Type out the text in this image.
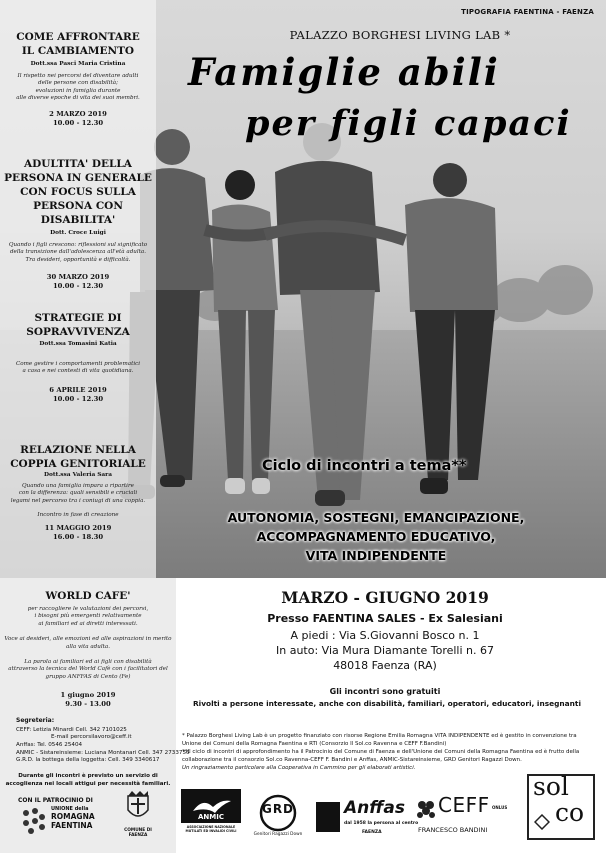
TIPOGRAFIA FAENTINA - FAENZA
PALAZZO BORGHESI LIVING LAB *
Famiglie abili
per figli capaci
COME AFFRONTARE
IL CAMBIAMENTO
Dott.ssa Pasci Maria Cristina
Il rispetto nei percorsi del diventare adulti
delle persone con disabilità;
evoluzioni in famiglia durante
alle diverse epoche di vita dei suoi membri.
2 MARZO 2019
10.00 - 12.30
ADULTITA' DELLA
PERSONA IN GENERALE
CON FOCUS SULLA
PERSONA CON DISABILITA'
Dott. Croce Luigi
Quando i figli crescono: riflessioni sul significato
della transizione dall'adolescenza all'età adulta.
Tra desideri, opportunità e difficoltà.
30 MARZO 2019
10.00 - 12.30
STRATEGIE DI
SOPRAVVIVENZA
Dott.ssa Tomasini Katia
Come gestire i comportamenti problematici
a casa e nei contesti di vita quotidiana.
6 APRILE 2019
10.00 - 12.30
RELAZIONE NELLA
COPPIA GENITORIALE
Dott.ssa Valeria Sara
Quando una famiglia impara a ripartire
con la differenza: quali sensibili e cruciali
legami nel percorso tra i coniugi di una coppia.
Incontro in fase di creazione
11 MAGGIO 2019
16.00 - 18.30
Ciclo di incontri a tema**
AUTONOMIA, SOSTEGNI, EMANCIPAZIONE,
ACCOMPAGNAMENTO EDUCATIVO,
VITA INDIPENDENTE
WORLD CAFE'
per raccogliere le valutazioni dei percorsi,
i bisogni più emergenti relativamente
ai familiari ed ai diretti interessati.
Voce ai desideri, alle emozioni ed alle aspirazioni in merito
alla vita adulta.
La parola ai familiari ed ai figli con disabilità
attraverso la tecnica del World Cafè con i facilitatori del
gruppo ANFFAS di Cento (Fe)
1 giugno 2019
9.30 - 13.00
Segreteria:
CEFF: Letizia Minardi Cell. 342 7101025
E-mail percorsilavoro@ceff.it
Anffas: Tel. 0546 25404
ANMIC - Sistareinsieme: Luciana Montanari Cell. 347 2733756
G.R.D. la bottega della loggetta: Cell. 349 3340617
Durante gli incontri è previsto un servizio di
accoglienza nei locali attigui per necessità familiari.
CON IL PATROCINIO DI
UNIONE della
ROMAGNA
FAENTINA
COMUNE DI FAENZA
MARZO - GIUGNO 2019
Presso FAENTINA SALES - Ex Salesiani
A piedi : Via S.Giovanni Bosco n. 1
In auto: Via Mura Diamante Torelli n. 67
48018 Faenza (RA)
Gli incontri sono gratuiti
Rivolti a persone interessate, anche con disabilità, familiari, operatori, educatori, insegnanti
* Palazzo Borghesi Living Lab è un progetto finanziato con risorse Regione Emilia Romagna VITA INDIPENDENTE ed è gestito in convenzione tra Unione dei Comuni della Romagna Faentina e RTI (Consorzio Il Sol.co Ravenna e CEFF F.Bandini)
**Il ciclo di incontri di approfondimento ha il Patrocinio del Comune di Faenza e dell'Unione dei Comuni della Romagna Faentina ed è frutto della collaborazione tra il consorzio Sol.co Ravenna-CEFF F. Bandini e Anffas, ANMIC-Sistareinsieme, GRD Genitori Ragazzi Down.
Un ringraziamento particolare alla Cooperativa in Cammino per gli elaborati artistici.
ANMIC
ASSOCIAZIONE NAZIONALE
MUTILATI ED INVALIDI CIVILI
GRD
Genitori Ragazzi Down
Anffas
dal 1958 la persona al centro
FAENZA
CEFF ONLUS
FRANCESCO BANDINI
sol
co
